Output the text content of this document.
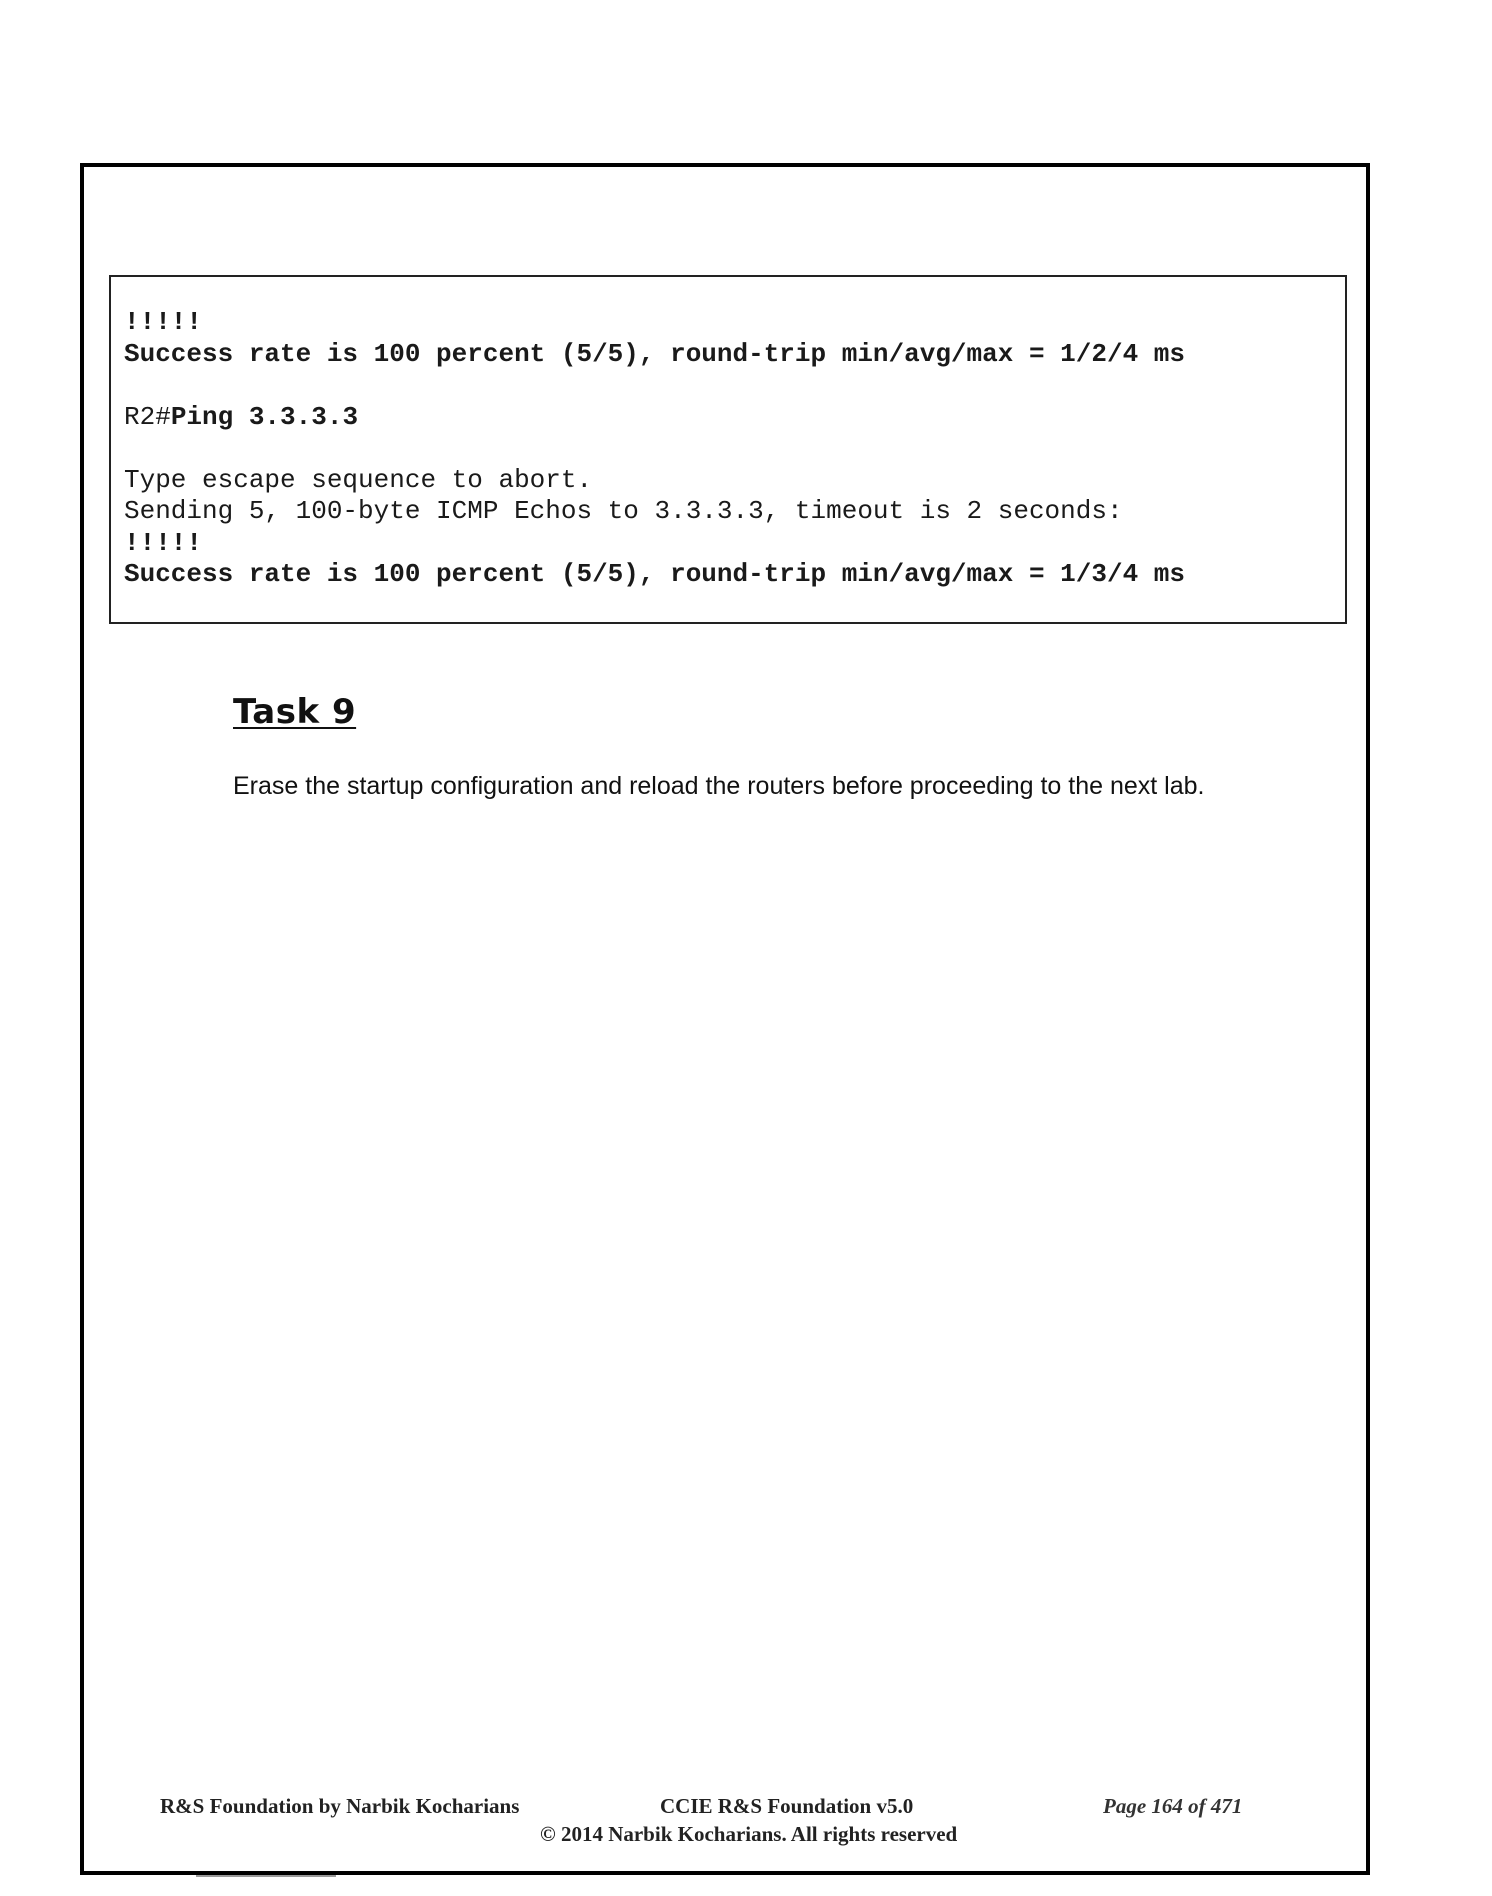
!!!!!
Success rate is 100 percent (5/5), round-trip min/avg/max = 1/2/4 ms
R2#Ping 3.3.3.3
Type escape sequence to abort.
Sending 5, 100-byte ICMP Echos to 3.3.3.3, timeout is 2 seconds:
!!!!!
Success rate is 100 percent (5/5), round-trip min/avg/max = 1/3/4 ms
Task 9
Erase the startup configuration and reload the routers before proceeding to the next lab.
R&S Foundation by Narbik Kocharians	CCIE R&S Foundation v5.0	Page 164 of 471
© 2014 Narbik Kocharians. All rights reserved
